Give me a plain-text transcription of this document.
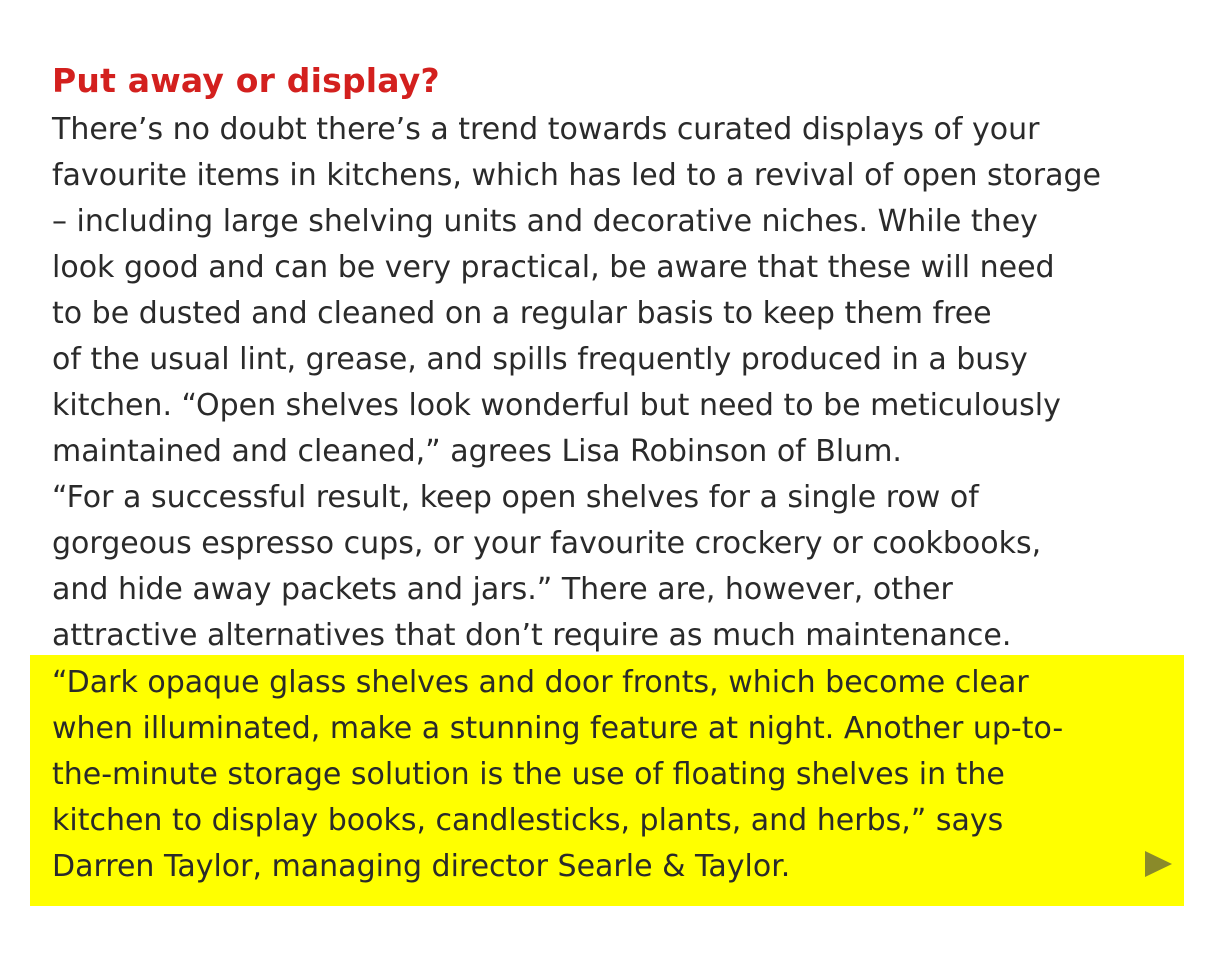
Put away or display?

There’s no doubt there’s a trend towards curated displays of your

favourite items in kitchens, which has led to a revival of open storage

– including large shelving units and decorative niches. While they

look good and can be very practical, be aware that these will need

to be dusted and cleaned on a regular basis to keep them free

of the usual lint, grease, and spills frequently produced in a busy

kitchen. “Open shelves look wonderful but need to be meticulously

maintained and cleaned,” agrees Lisa Robinson of Blum.

“For a successful result, keep open shelves for a single row of

gorgeous espresso cups, or your favourite crockery or cookbooks,

and hide away packets and jars.” There are, however, other

attractive alternatives that don’t require as much maintenance.

“Dark opaque glass shelves and door fronts, which become clear

when illuminated, make a stunning feature at night. Another up-to-

the-minute storage solution is the use of floating shelves in the

kitchen to display books, candlesticks, plants, and herbs,” says

Darren Taylor, managing director Searle & Taylor.
